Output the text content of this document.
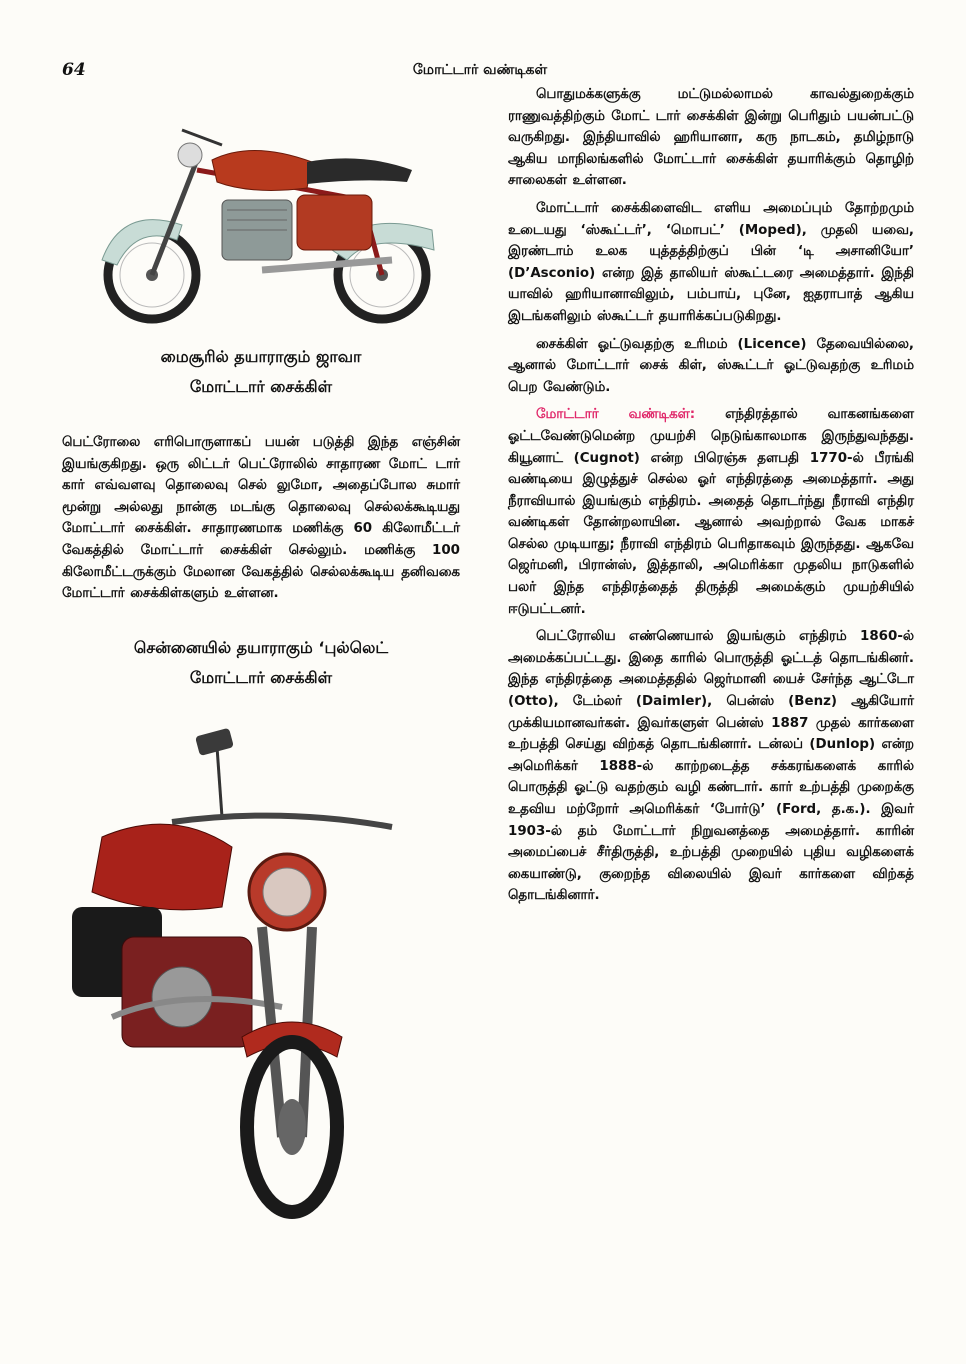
64	மோட்டார் வண்டிகள்

மைசூரில் தயாராகும் ஜாவா

மோட்டார் சைக்கிள்

பெட்ரோலை எரிபொருளாகப் பயன் படுத்தி இந்த எஞ்சின் இயங்குகிறது. ஒரு லிட்டர் பெட்ரோலில் சாதாரண மோட் டார் கார் எவ்வளவு தொலைவு செல் லுமோ, அதைப்போல சுமார் மூன்று அல்லது நான்கு மடங்கு தொலைவு செல்லக்கூடியது மோட்டார் சைக்கிள். சாதாரணமாக மணிக்கு 60 கிலோமீட்டர் வேகத்தில் மோட்டார் சைக்கிள் செல்லும். மணிக்கு 100 கிலோமீட்டருக்கும் மேலான வேகத்தில் செல்லக்கூடிய தனிவகை மோட்டார் சைக்கிள்களும் உள்ளன.

சென்னையில் தயாராகும் ‘புல்லெட்

மோட்டார் சைக்கிள்

பொதுமக்களுக்கு மட்டுமல்லாமல் காவல்துறைக்கும் ராணுவத்திற்கும் மோட் டார் சைக்கிள் இன்று பெரிதும் பயன்பட்டு வருகிறது. இந்தியாவில் ஹரியானா, கரு நாடகம், தமிழ்நாடு ஆகிய மாநிலங்களில் மோட்டார் சைக்கிள் தயாரிக்கும் தொழிற் சாலைகள் உள்ளன.

மோட்டார் சைக்கிளைவிட எளிய அமைப்பும் தோற்றமும் உடையது ‘ஸ்கூட்டர்’, ‘மொபட்’ (Moped), முதலி யவை, இரண்டாம் உலக யுத்தத்திற்குப் பின் ‘டி அசானியோ’ (D’Asconio) என்ற இத் தாலியர் ஸ்கூட்டரை அமைத்தார். இந்தி யாவில் ஹரியானாவிலும், பம்பாய், புனே, ஐதராபாத் ஆகிய இடங்களிலும் ஸ்கூட்டர் தயாரிக்கப்படுகிறது.

சைக்கிள் ஓட்டுவதற்கு உரிமம் (Licence) தேவையில்லை, ஆனால் மோட்டார் சைக் கிள், ஸ்கூட்டர் ஓட்டுவதற்கு உரிமம் பெற வேண்டும்.

மோட்டார் வண்டிகள்: எந்திரத்தால் வாகனங்களை ஓட்டவேண்டுமென்ற முயற்சி நெடுங்காலமாக இருந்துவந்தது. கியூனாட் (Cugnot) என்ற பிரெஞ்சு தளபதி 1770-ல் பீரங்கி வண்டியை இழுத்துச் செல்ல ஓர் எந்திரத்தை அமைத்தார். அது நீராவியால் இயங்கும் எந்திரம். அதைத் தொடர்ந்து நீராவி எந்திர வண்டிகள் தோன்றலாயின. ஆனால் அவற்றால் வேக மாகச் செல்ல முடியாது; நீராவி எந்திரம் பெரிதாகவும் இருந்தது. ஆகவே ஜெர்மனி, பிரான்ஸ், இத்தாலி, அமெரிக்கா முதலிய நாடுகளில் பலர் இந்த எந்திரத்தைத் திருத்தி அமைக்கும் முயற்சியில் ஈடுபட்டனர்.

பெட்ரோலிய எண்ணெயால் இயங்கும் எந்திரம் 1860-ல் அமைக்கப்பட்டது. இதை காரில் பொருத்தி ஓட்டத் தொடங்கினர். இந்த எந்திரத்தை அமைத்ததில் ஜெர்மானி யைச் சேர்ந்த ஆட்டோ (Otto), டேம்லர் (Daimler), பென்ஸ் (Benz) ஆகியோர் முக்கியமானவர்கள். இவர்களுள் பென்ஸ் 1887 முதல் கார்களை உற்பத்தி செய்து விற்கத் தொடங்கினார். டன்லப் (Dunlop) என்ற அமெரிக்கர் 1888-ல் காற்றடைத்த சக்கரங்களைக் காரில் பொருத்தி ஓட்டு வதற்கும் வழி கண்டார். கார் உற்பத்தி முறைக்கு உதவிய மற்றோர் அமெரிக்கர் ‘போர்டு’ (Ford, த.க.). இவர் 1903-ல் தம் மோட்டார் நிறுவனத்தை அமைத்தார். காரின் அமைப்பைச் சீர்திருத்தி, உற்பத்தி முறையில் புதிய வழிகளைக் கையாண்டு, குறைந்த விலையில் இவர் கார்களை விற்கத் தொடங்கினார்.
